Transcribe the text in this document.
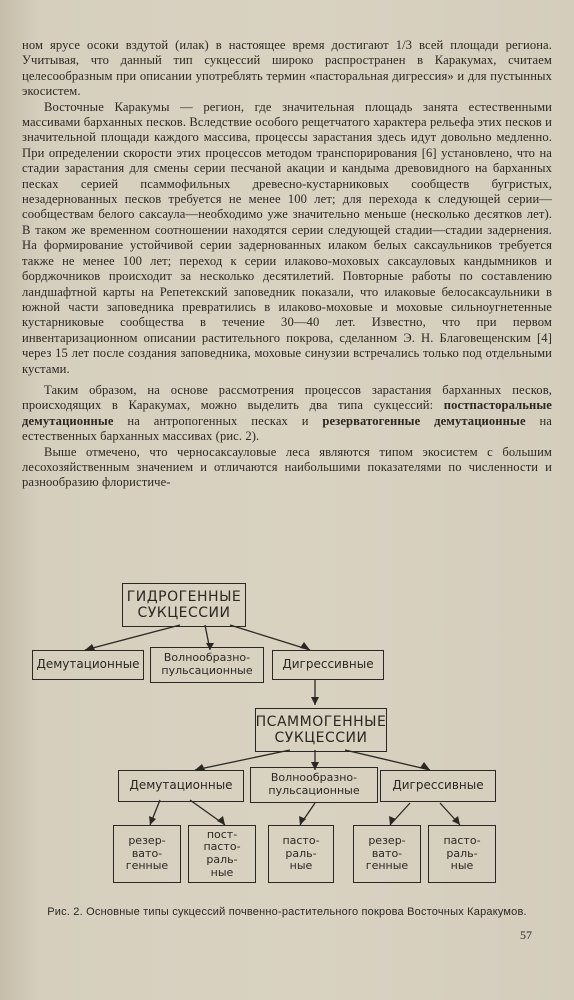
ном ярусе осоки вздутой (илак) в настоящее время достигают 1/3 всей площади региона. Учитывая, что данный тип сукцессий широко распространен в Каракумах, считаем целесообразным при описании употреблять термин «пасторальная дигрессия» и для пустынных экосистем.

Восточные Каракумы — регион, где значительная площадь занята естественными массивами барханных песков. Вследствие особого рещетчатого характера рельефа этих песков и значительной площади каждого массива, процессы зарастания здесь идут довольно медленно. При определении скорости этих процессов методом транспорирования [6] установлено, что на стадии зарастания для смены серии песчаной акации и кандыма древовидного на барханных песках серией псаммофильных древесно-кустарниковых сообществ бугристых, незадернованных песков требуется не менее 100 лет; для перехода к следующей серии—сообществам белого саксаула—необходимо уже значительно меньше (несколько десятков лет). В таком же временном соотношении находятся серии следующей стадии—стадии задернения. На формирование устойчивой серии задернованных илаком белых саксаульников требуется также не менее 100 лет; переход к серии илаково-моховых саксауловых кандымников и борджочников происходит за несколько десятилетий. Повторные работы по составлению ландшафтной карты на Репетекский заповедник показали, что илаковые белосаксаульники в южной части заповедника превратились в илаково-моховые и моховые сильноугнетенные кустарниковые сообщества в течение 30—40 лет. Известно, что при первом инвентаризационном описании растительного покрова, сделанном Э. Н. Благовещенским [4] через 15 лет после создания заповедника, моховые синузии встречались только под отдельными кустами.

Таким образом, на основе рассмотрения процессов зарастания барханных песков, происходящих в Каракумах, можно выделить два типа сукцессий: постпасторальные демутационные на антропогенных песках и резерватогенные демутационные на естественных барханных массивах (рис. 2).

Выше отмечено, что черносаксауловые леса являются типом экосистем с большим лесохозяйственным значением и отличаются наибольшими показателями по численности и разнообразию флористиче-

ГИДРОГЕННЫЕ
СУКЦЕССИИ
Демутационные Волнообразно-
пульсационные Дигрессивные
ПСАММОГЕННЫЕ
СУКЦЕССИИ
Демутационные
Волнообразно-
пульсационные	Дигрессивные
резер-
вато-
генные
пост-
пасто-
раль-
ные
пасто-
раль-
ные
резер-
вато-
генные
пасто-
раль-
ные
Рис. 2. Основные типы сукцессий почвенно-растительного покрова Восточных Каракумов.
57
